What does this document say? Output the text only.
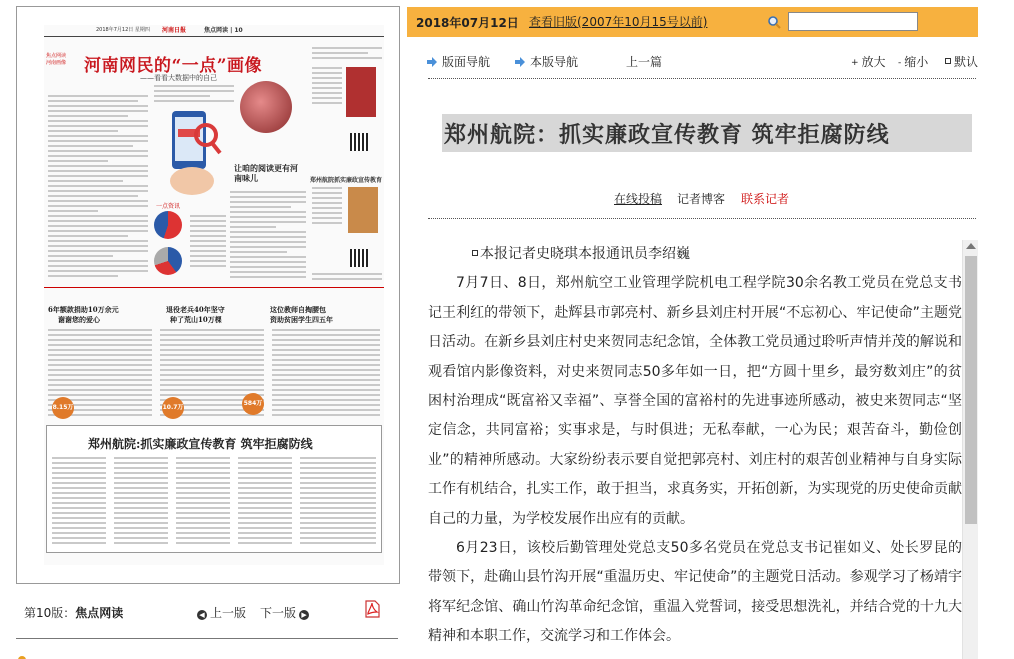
2018年7月12日 星期四 河南日报	焦点网读 | 10
焦点网读 河南画像	河南网民的“一点”画像
——看看大数据中的自己
让咱的阅读更有河南味儿
一点资讯
郑州航院抓实廉政宣传教育
6年额款捐助10万余元
谢谢您的爱心
退役老兵40年坚守
种了荒山10万棵
这位教师自掏腰包
资助贫困学生四五年
8.15万	10.7万
584万
郑州航院:抓实廉政宣传教育 筑牢拒腐防线
第10版：焦点网读	◀ 上一版 下一版 ▶
2018年07月12日 查看旧版(2007年10月15号以前)
版面导航	本版导航	上一篇	+ 放大 - 缩小	默认
郑州航院：抓实廉政宣传教育 筑牢拒腐防线
在线投稿 记者博客 联系记者
本报记者史晓琪本报通讯员李绍巍

7月7日、8日，郑州航空工业管理学院机电工程学院30余名教工党员在党总支书记王利红的带领下，赴辉县市郭亮村、新乡县刘庄村开展“不忘初心、牢记使命”主题党日活动。在新乡县刘庄村史来贺同志纪念馆，全体教工党员通过聆听声情并茂的解说和观看馆内影像资料，对史来贺同志50多年如一日，把“方圆十里乡，最穷数刘庄”的贫困村治理成“既富裕又幸福”、享誉全国的富裕村的先进事迹所感动，被史来贺同志“坚定信念，共同富裕；实事求是，与时俱进；无私奉献，一心为民；艰苦奋斗，勤俭创业”的精神所感动。大家纷纷表示要自觉把郭亮村、刘庄村的艰苦创业精神与自身实际工作有机结合，扎实工作，敢于担当，求真务实，开拓创新，为实现党的历史使命贡献自己的力量，为学校发展作出应有的贡献。

6月23日，该校后勤管理处党总支50多名党员在党总支书记崔如义、处长罗昆的带领下，赴确山县竹沟开展“重温历史、牢记使命”的主题党日活动。参观学习了杨靖宇将军纪念馆、确山竹沟革命纪念馆，重温入党誓词，接受思想洗礼，并结合党的十九大精神和本职工作，交流学习和工作体会。
